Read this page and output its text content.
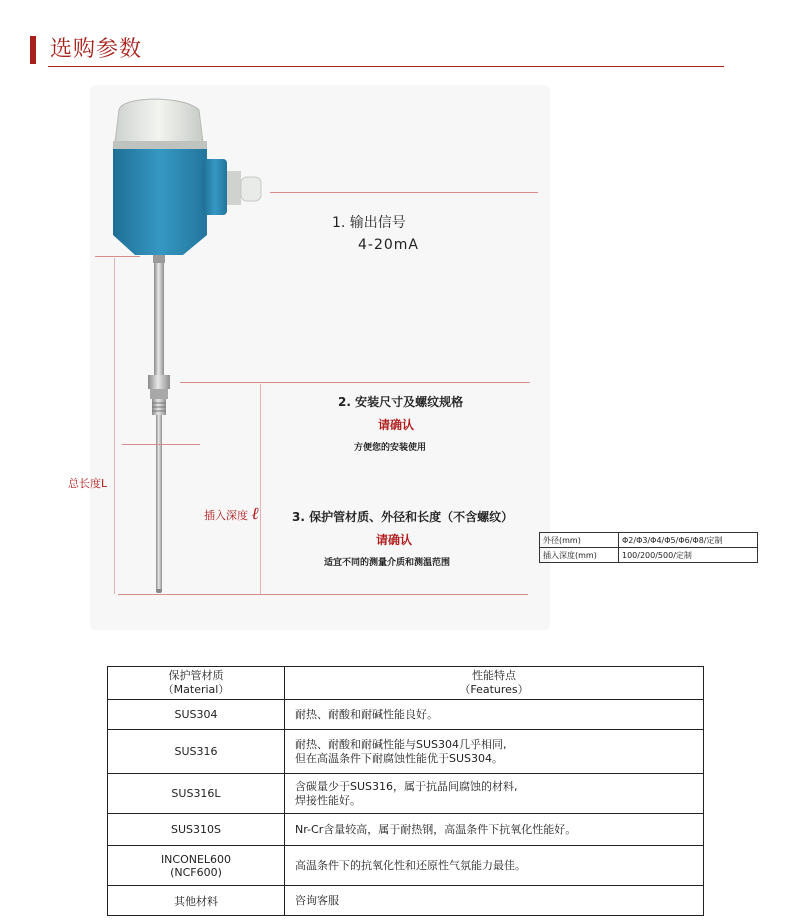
选购参数
1. 输出信号
4-20mA
2. 安装尺寸及螺纹规格
请确认
方便您的安装使用
3. 保护管材质、外径和长度（不含螺纹）
请确认
适宜不同的测量介质和测温范围
总长度L
插入深度 ℓ
外径(mm)	Φ2/Φ3/Φ4/Φ5/Φ6/Φ8/定制
插入深度(mm)	100/200/500/定制
保护管材质
（Material）	性能特点
（Features）
SUS304	耐热、耐酸和耐碱性能良好。
SUS316	耐热、耐酸和耐碱性能与SUS304几乎相同,
但在高温条件下耐腐蚀性能优于SUS304。
SUS316L	含碳量少于SUS316，属于抗晶间腐蚀的材料,
焊接性能好。
SUS310S	Nr-Cr含量较高，属于耐热钢，高温条件下抗氧化性能好。
INCONEL600
(NCF600)	高温条件下的抗氧化性和还原性气氛能力最佳。
其他材料	咨询客服
